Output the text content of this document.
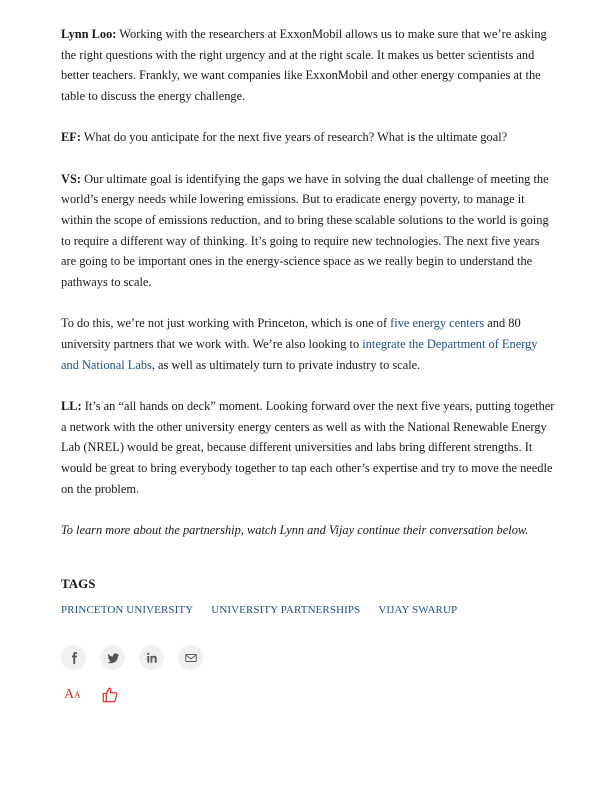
Lynn Loo: Working with the researchers at ExxonMobil allows us to make sure that we’re asking the right questions with the right urgency and at the right scale. It makes us better scientists and better teachers. Frankly, we want companies like ExxonMobil and other energy companies at the table to discuss the energy challenge.

EF: What do you anticipate for the next five years of research? What is the ultimate goal?

VS: Our ultimate goal is identifying the gaps we have in solving the dual challenge of meeting the world’s energy needs while lowering emissions. But to eradicate energy poverty, to manage it within the scope of emissions reduction, and to bring these scalable solutions to the world is going to require a different way of thinking. It’s going to require new technologies. The next five years are going to be important ones in the energy-science space as we really begin to understand the pathways to scale.

To do this, we’re not just working with Princeton, which is one of five energy centers and 80 university partners that we work with. We’re also looking to integrate the Department of Energy and National Labs, as well as ultimately turn to private industry to scale.

LL: It’s an “all hands on deck” moment. Looking forward over the next five years, putting together a network with the other university energy centers as well as with the National Renewable Energy Lab (NREL) would be great, because different universities and labs bring different strengths. It would be great to bring everybody together to tap each other’s expertise and try to move the needle on the problem.

To learn more about the partnership, watch Lynn and Vijay continue their conversation below.

TAGS
PRINCETON UNIVERSITY UNIVERSITY PARTNERSHIPS VIJAY SWARUP
AA
